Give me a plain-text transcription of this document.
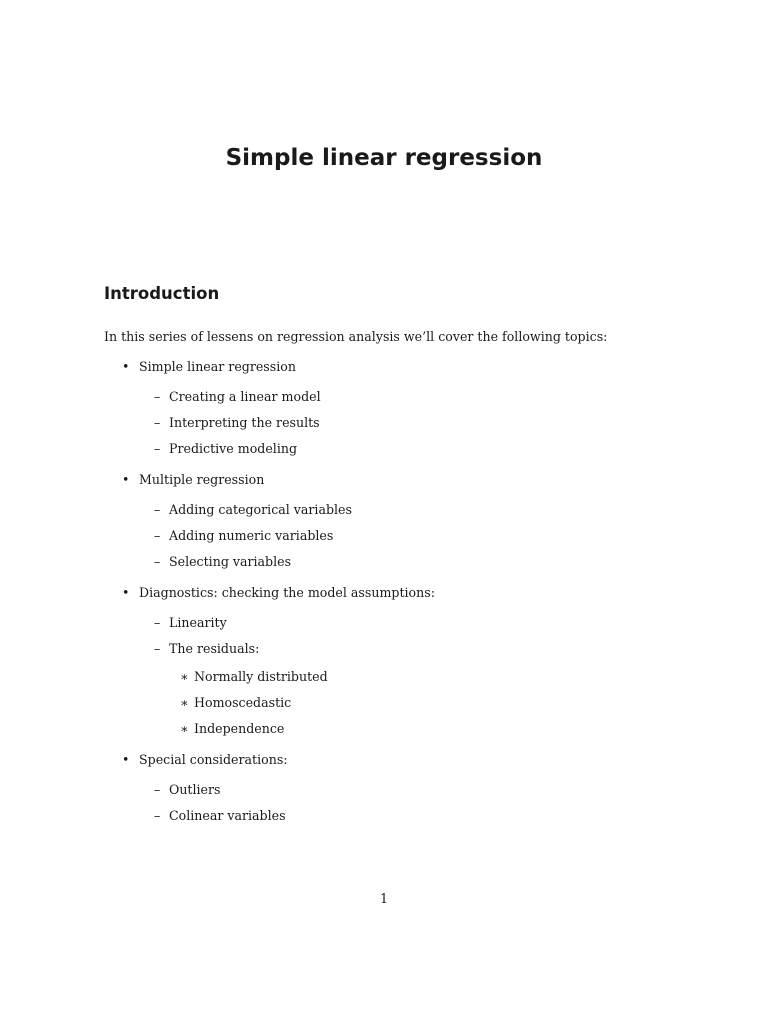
Simple linear regression
Introduction

In this series of lessens on regression analysis we’ll cover the following topics:

• Simple linear regression
– Creating a linear model
– Interpreting the results
– Predictive modeling
• Multiple regression
– Adding categorical variables
– Adding numeric variables
– Selecting variables
• Diagnostics: checking the model assumptions:
– Linearity
– The residuals:
∗ Normally distributed
∗ Homoscedastic
∗ Independence
• Special considerations:
– Outliers
– Colinear variables
1
